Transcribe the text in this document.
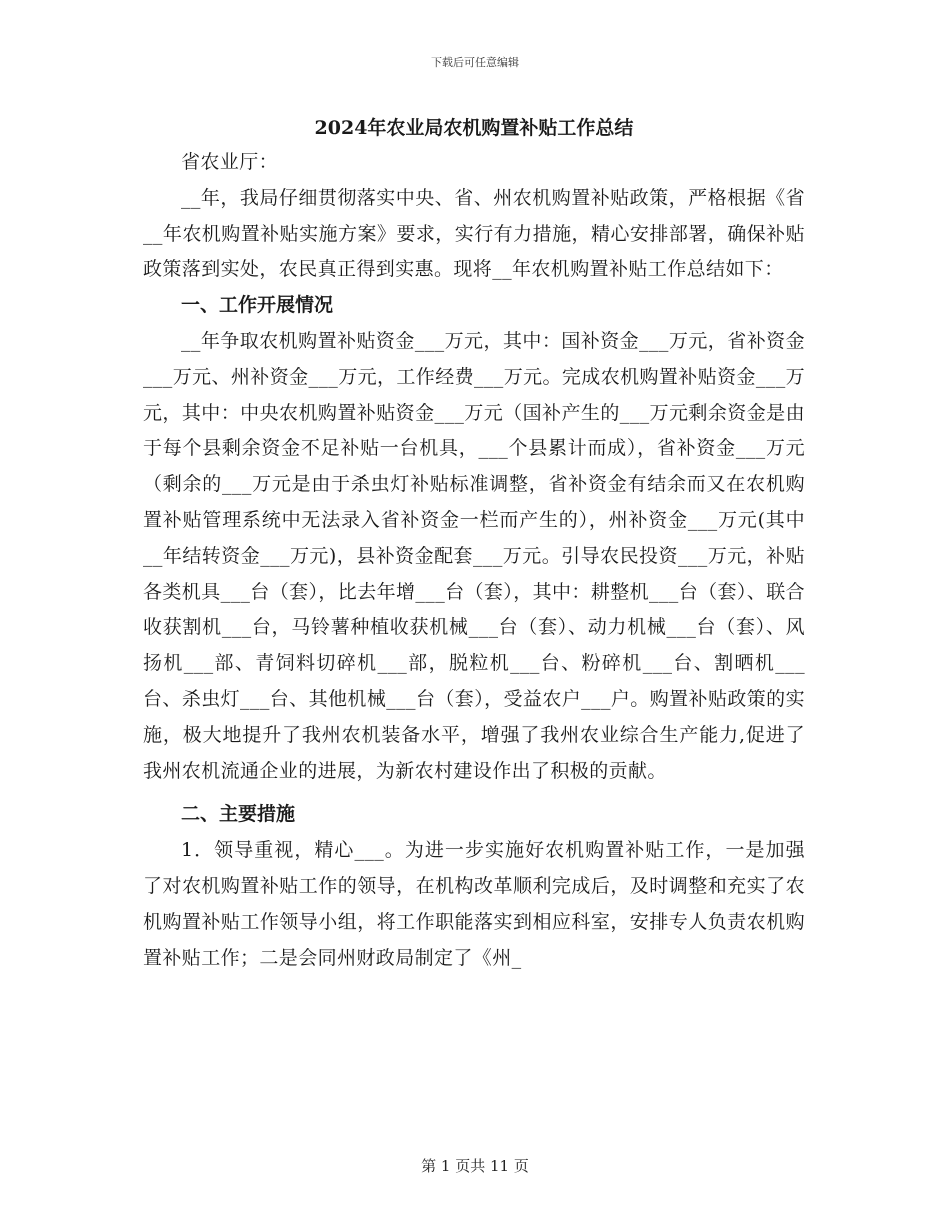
下载后可任意编辑
2024年农业局农机购置补贴工作总结

省农业厅：

__年，我局仔细贯彻落实中央、省、州农机购置补贴政策，严格根据《省__年农机购置补贴实施方案》要求，实行有力措施，精心安排部署，确保补贴政策落到实处，农民真正得到实惠。现将__年农机购置补贴工作总结如下：

一、工作开展情况

__年争取农机购置补贴资金___万元，其中：国补资金___万元，省补资金___万元、州补资金___万元，工作经费___万元。完成农机购置补贴资金___万元，其中：中央农机购置补贴资金___万元（国补产生的___万元剩余资金是由于每个县剩余资金不足补贴一台机具，___个县累计而成），省补资金___万元（剩余的___万元是由于杀虫灯补贴标准调整，省补资金有结余而又在农机购置补贴管理系统中无法录入省补资金一栏而产生的），州补资金___万元(其中__年结转资金___万元)，县补资金配套___万元。引导农民投资___万元，补贴各类机具___台（套），比去年增___台（套），其中：耕整机___台（套）、联合收获割机___台，马铃薯种植收获机械___台（套）、动力机械___台（套）、风扬机___部、青饲料切碎机___部，脱粒机___台、粉碎机___台、割晒机___台、杀虫灯___台、其他机械___台（套），受益农户___户。购置补贴政策的实施，极大地提升了我州农机装备水平，增强了我州农业综合生产能力,促进了我州农机流通企业的进展，为新农村建设作出了积极的贡献。

二、主要措施

1．领导重视，精心___。为进一步实施好农机购置补贴工作，一是加强了对农机购置补贴工作的领导，在机构改革顺利完成后，及时调整和充实了农机购置补贴工作领导小组，将工作职能落实到相应科室，安排专人负责农机购置补贴工作；二是会同州财政局制定了《州_

第 1 页共 11 页
